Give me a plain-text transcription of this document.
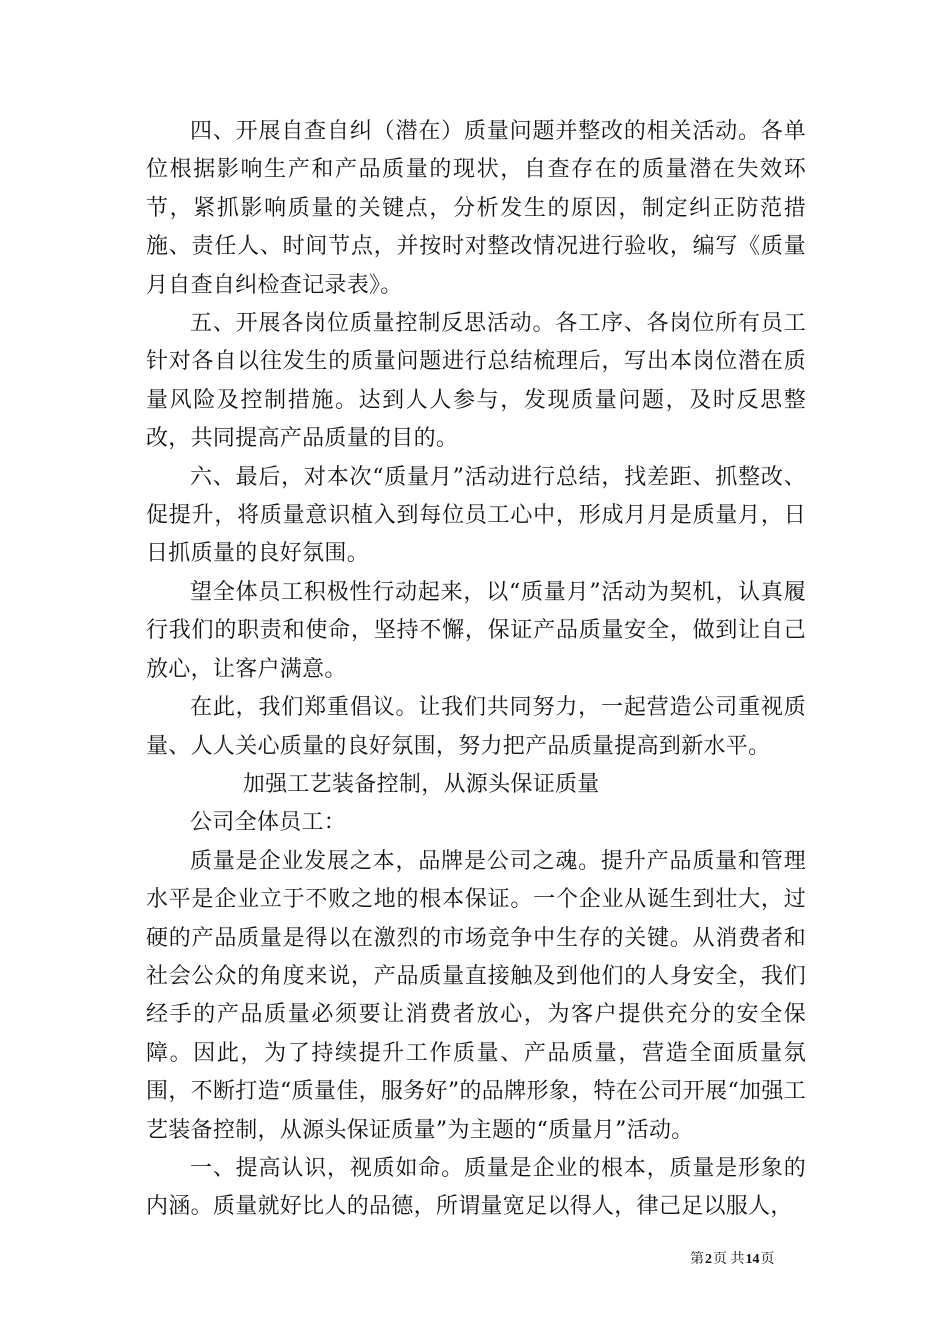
四、开展自查自纠（潜在）质量问题并整改的相关活动。各单位根据影响生产和产品质量的现状，自查存在的质量潜在失效环节，紧抓影响质量的关键点，分析发生的原因，制定纠正防范措施、责任人、时间节点，并按时对整改情况进行验收，编写《质量月自查自纠检查记录表》。

五、开展各岗位质量控制反思活动。各工序、各岗位所有员工针对各自以往发生的质量问题进行总结梳理后，写出本岗位潜在质量风险及控制措施。达到人人参与，发现质量问题，及时反思整改，共同提高产品质量的目的。

六、最后，对本次“质量月”活动进行总结，找差距、抓整改、促提升，将质量意识植入到每位员工心中，形成月月是质量月，日日抓质量的良好氛围。

望全体员工积极性行动起来，以“质量月”活动为契机，认真履行我们的职责和使命，坚持不懈，保证产品质量安全，做到让自己放心，让客户满意。

在此，我们郑重倡议。让我们共同努力，一起营造公司重视质量、人人关心质量的良好氛围，努力把产品质量提高到新水平。

加强工艺装备控制，从源头保证质量

公司全体员工：

质量是企业发展之本，品牌是公司之魂。提升产品质量和管理水平是企业立于不败之地的根本保证。一个企业从诞生到壮大，过硬的产品质量是得以在激烈的市场竞争中生存的关键。从消费者和社会公众的角度来说，产品质量直接触及到他们的人身安全，我们经手的产品质量必须要让消费者放心，为客户提供充分的安全保障。因此，为了持续提升工作质量、产品质量，营造全面质量氛围，不断打造“质量佳，服务好”的品牌形象，特在公司开展“加强工艺装备控制，从源头保证质量”为主题的“质量月”活动。

一、提高认识，视质如命。质量是企业的根本，质量是形象的内涵。质量就好比人的品德，所谓量宽足以得人，律己足以服人，

第2页 共14页
